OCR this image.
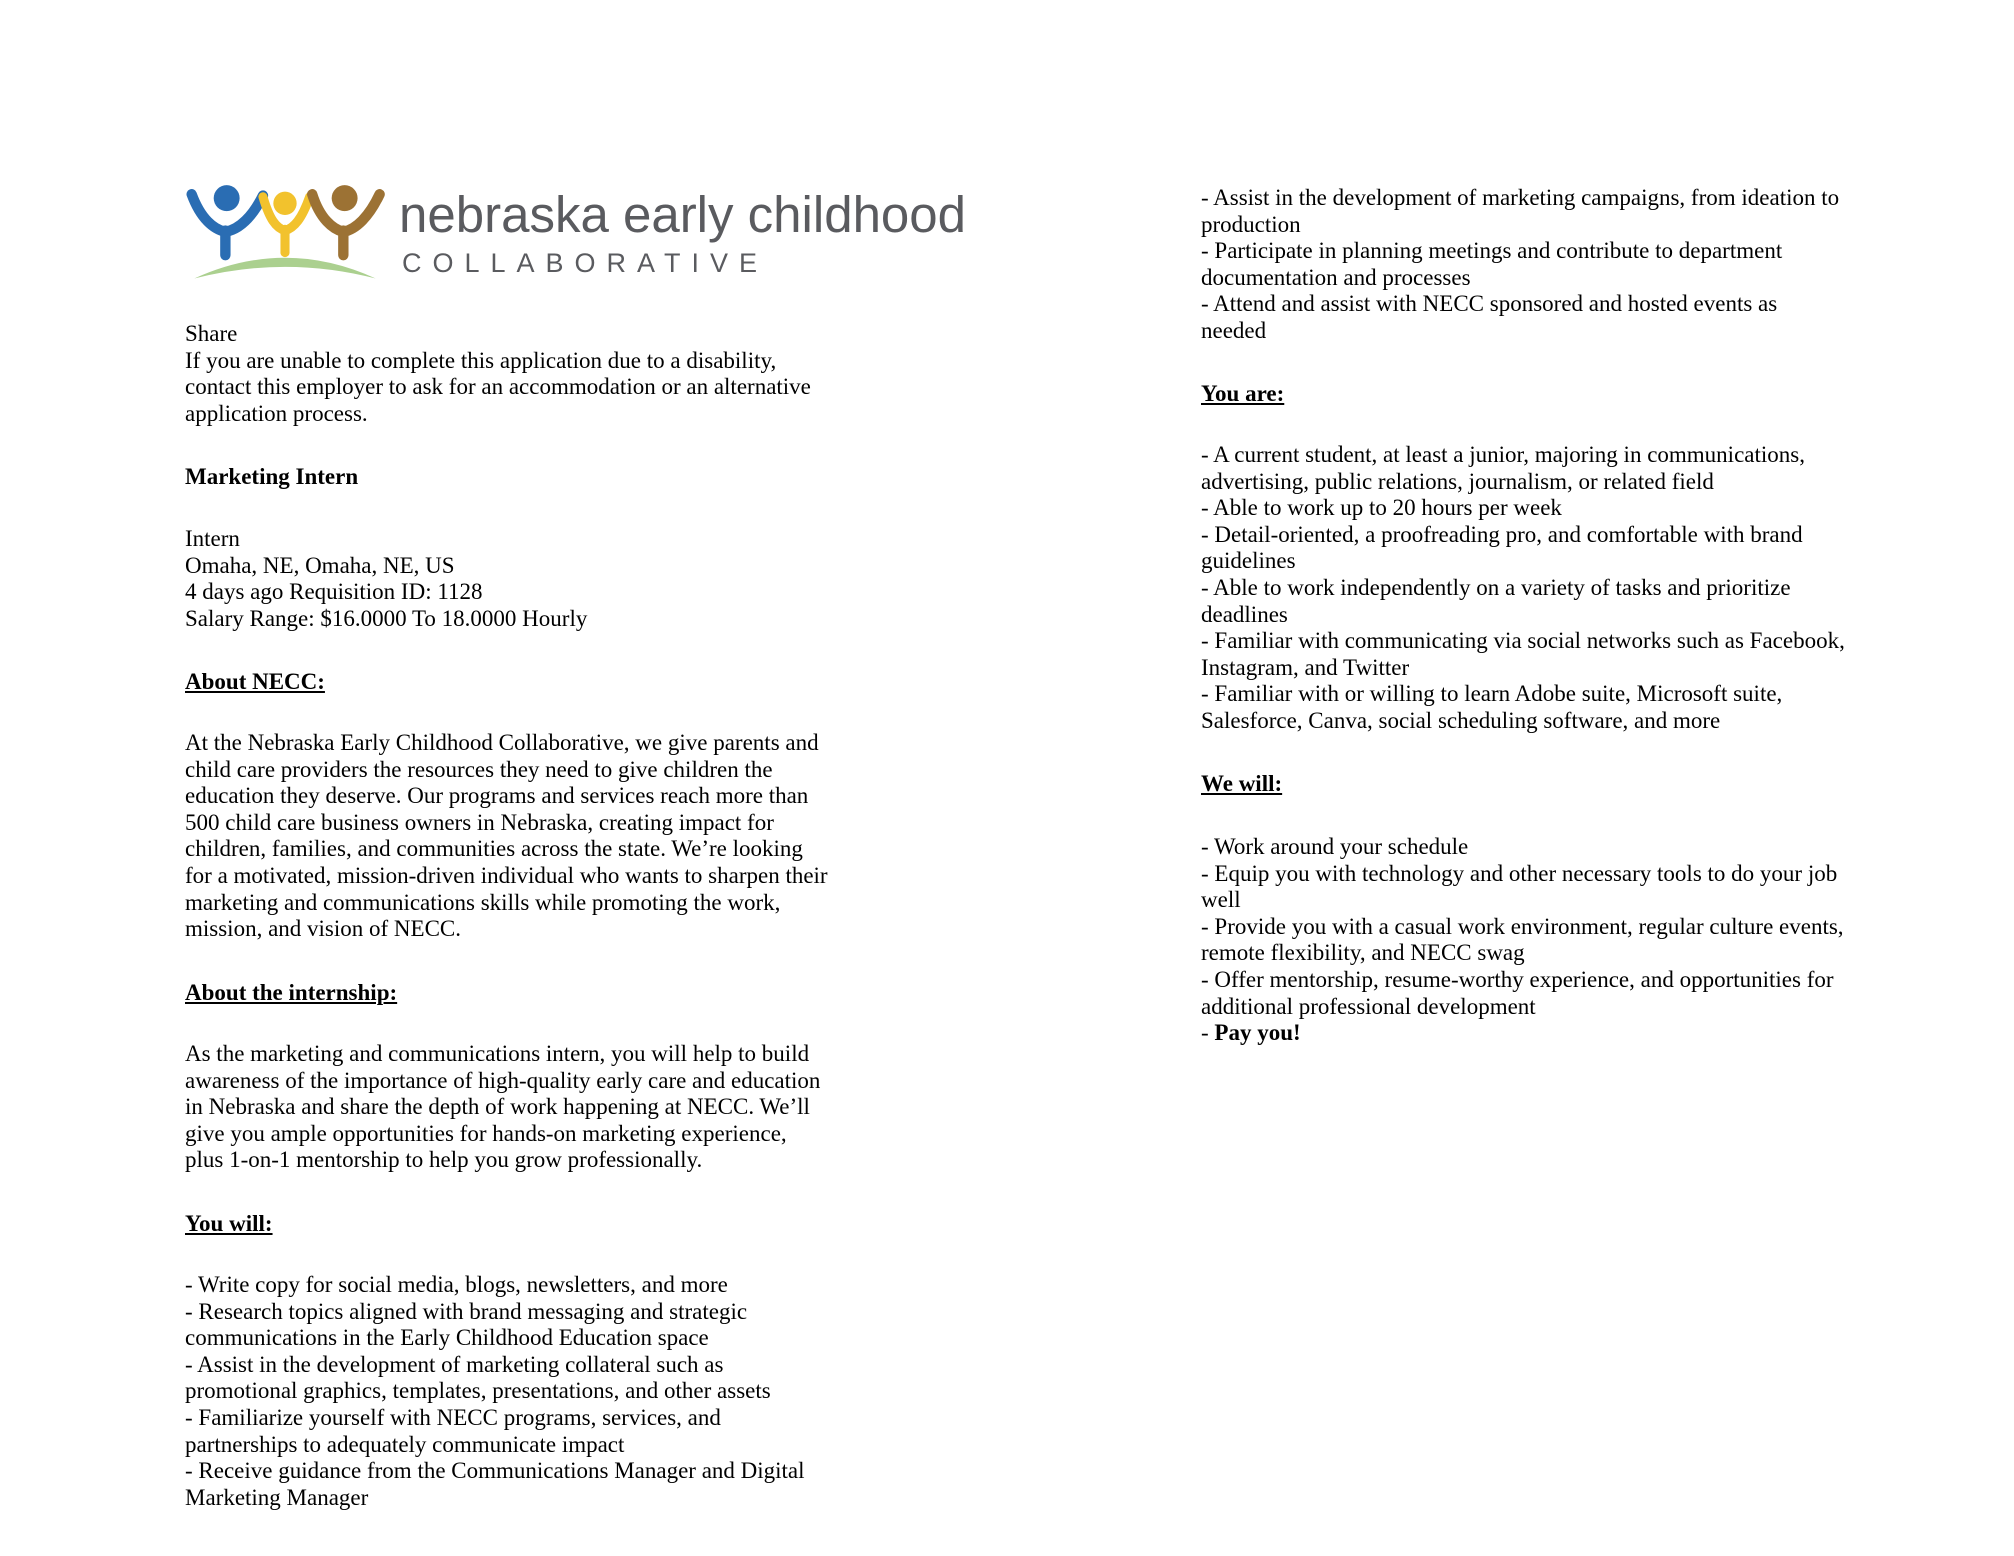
nebraska early childhood
COLLABORATIVE
Share
If you are unable to complete this application due to a disability,
contact this employer to ask for an accommodation or an alternative
application process.
Marketing Intern
Intern
Omaha, NE, Omaha, NE, US
4 days ago Requisition ID: 1128
Salary Range: $16.0000 To 18.0000 Hourly
About NECC:
At the Nebraska Early Childhood Collaborative, we give parents and
child care providers the resources they need to give children the
education they deserve. Our programs and services reach more than
500 child care business owners in Nebraska, creating impact for
children, families, and communities across the state. We’re looking
for a motivated, mission-driven individual who wants to sharpen their
marketing and communications skills while promoting the work,
mission, and vision of NECC.
About the internship:
As the marketing and communications intern, you will help to build
awareness of the importance of high-quality early care and education
in Nebraska and share the depth of work happening at NECC. We’ll
give you ample opportunities for hands-on marketing experience,
plus 1-on-1 mentorship to help you grow professionally.
You will:
- Write copy for social media, blogs, newsletters, and more
- Research topics aligned with brand messaging and strategic
communications in the Early Childhood Education space
- Assist in the development of marketing collateral such as
promotional graphics, templates, presentations, and other assets
- Familiarize yourself with NECC programs, services, and
partnerships to adequately communicate impact
- Receive guidance from the Communications Manager and Digital
Marketing Manager
- Assist in the development of marketing campaigns, from ideation to
production
- Participate in planning meetings and contribute to department
documentation and processes
- Attend and assist with NECC sponsored and hosted events as
needed
You are:
- A current student, at least a junior, majoring in communications,
advertising, public relations, journalism, or related field
- Able to work up to 20 hours per week
- Detail-oriented, a proofreading pro, and comfortable with brand
guidelines
- Able to work independently on a variety of tasks and prioritize
deadlines
- Familiar with communicating via social networks such as Facebook,
Instagram, and Twitter
- Familiar with or willing to learn Adobe suite, Microsoft suite,
Salesforce, Canva, social scheduling software, and more
We will:
- Work around your schedule
- Equip you with technology and other necessary tools to do your job
well
- Provide you with a casual work environment, regular culture events,
remote flexibility, and NECC swag
- Offer mentorship, resume-worthy experience, and opportunities for
additional professional development
- Pay you!
